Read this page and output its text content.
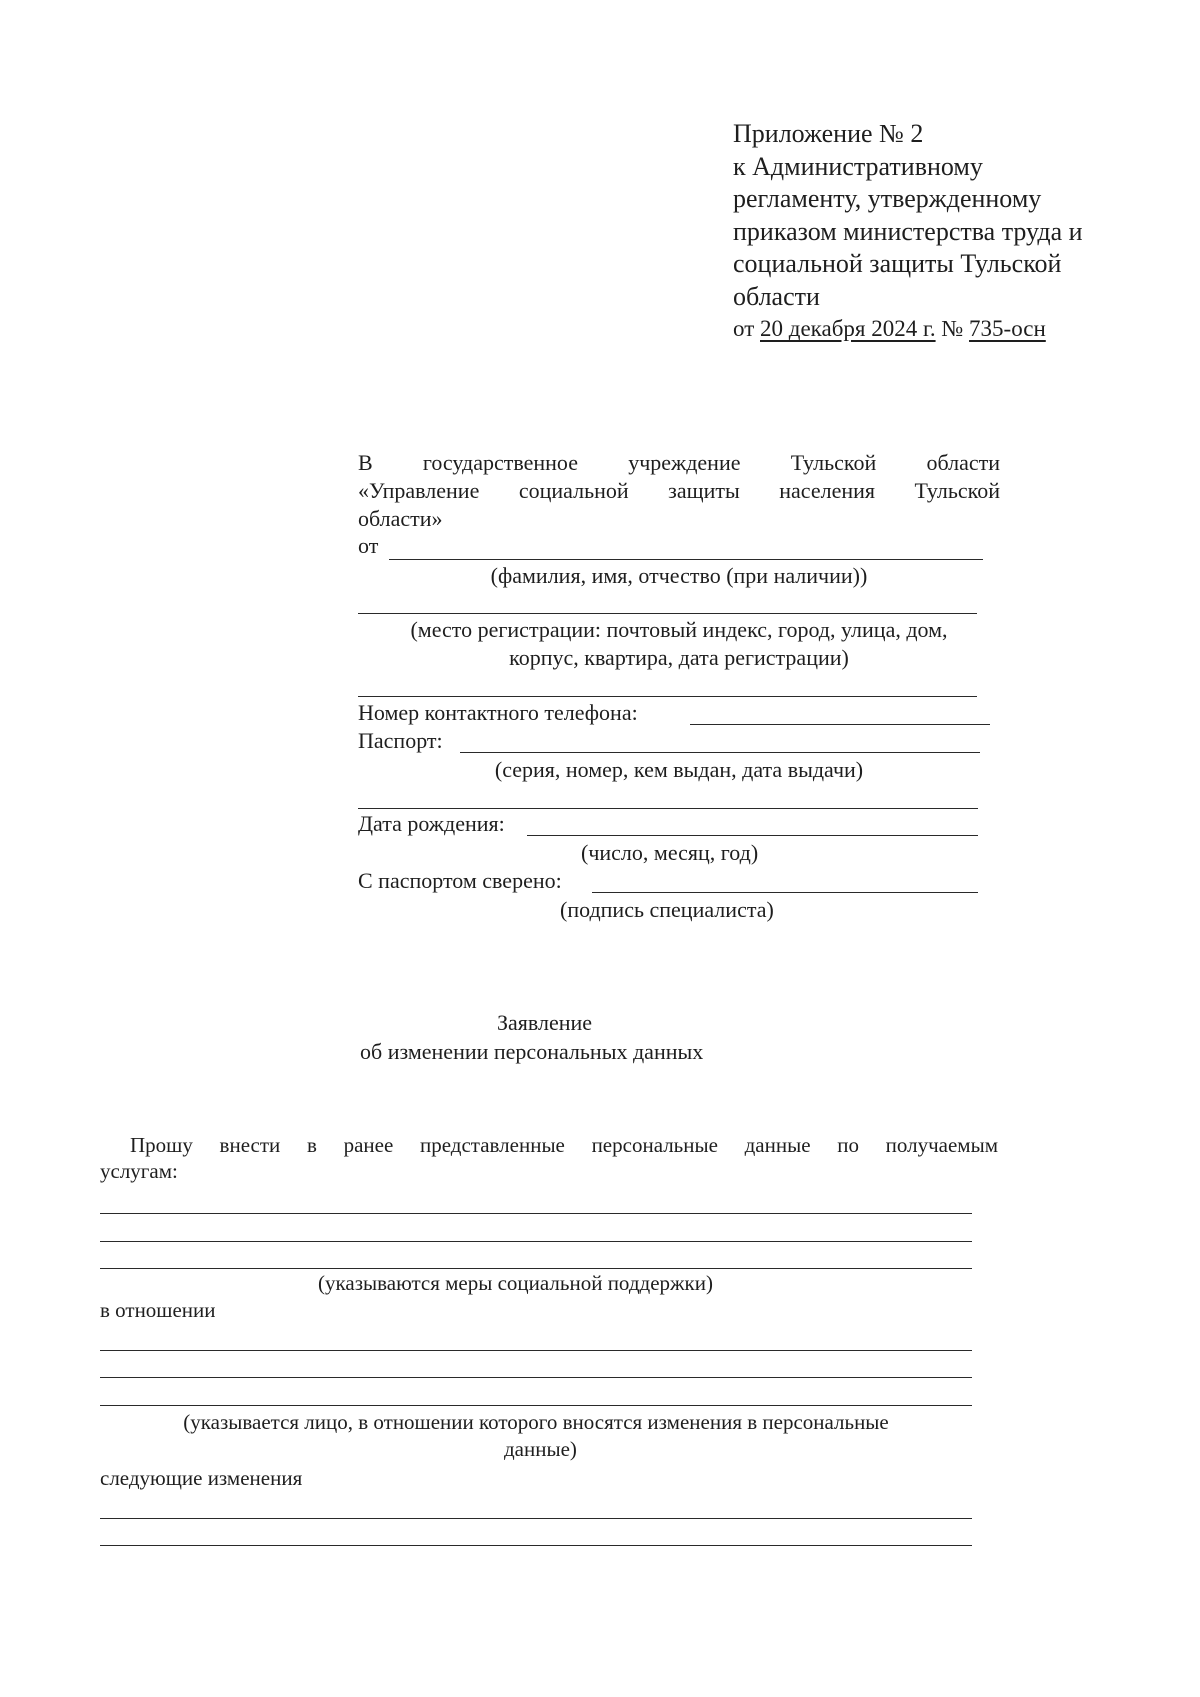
Приложение № 2
к Административному
регламенту, утвержденному
приказом министерства труда и
социальной защиты Тульской
области
от 20 декабря 2024 г. № 735-осн
В государственное учреждение Тульской области
«Управление социальной защиты населения Тульской
области»
от
(фамилия, имя, отчество (при наличии))
(место регистрации: почтовый индекс, город, улица, дом,
корпус, квартира, дата регистрации)
Номер контактного телефона:
Паспорт:
(серия, номер, кем выдан, дата выдачи)
Дата рождения:
(число, месяц, год)
С паспортом сверено:
(подпись специалиста)
Заявление
об изменении персональных данных
Прошу внести в ранее представленные персональные данные по получаемым
услугам:
(указываются меры социальной поддержки)
в отношении
(указывается лицо, в отношении которого вносятся изменения в персональные
данные)
следующие изменения
